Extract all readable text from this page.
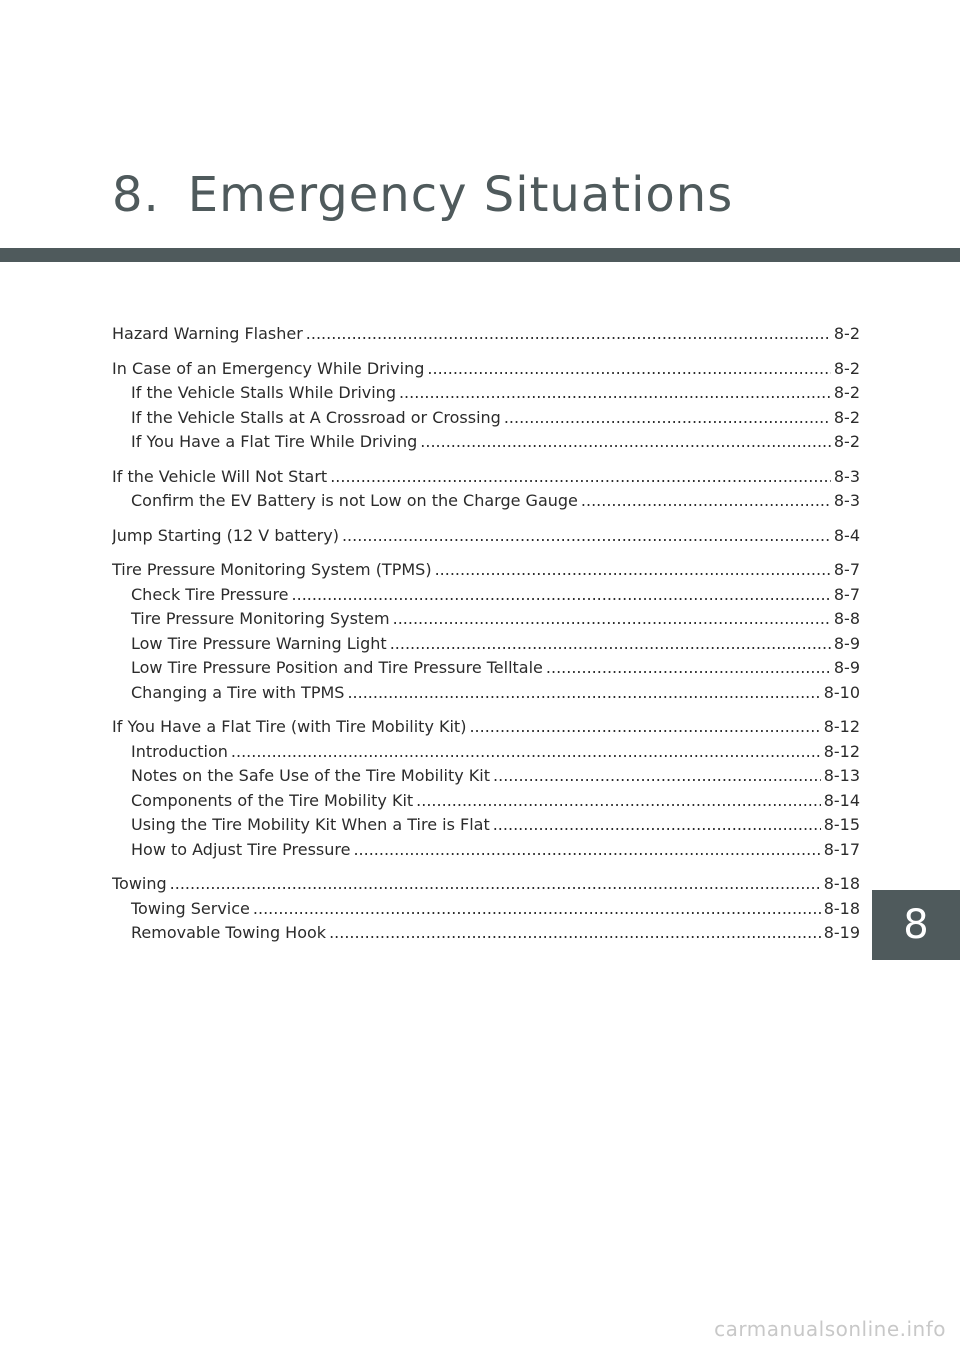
8. Emergency Situations
Hazard Warning Flasher .....	8-2
In Case of an Emergency While Driving .....	8-2
If the Vehicle Stalls While Driving .....	8-2
If the Vehicle Stalls at A Crossroad or Crossing .....	8-2
If You Have a Flat Tire While Driving .....	8-2
If the Vehicle Will Not Start .....	8-3
Confirm the EV Battery is not Low on the Charge Gauge .....	8-3
Jump Starting (12 V battery) .....	8-4
Tire Pressure Monitoring System (TPMS) .....	8-7
Check Tire Pressure .....	8-7
Tire Pressure Monitoring System .....	8-8
Low Tire Pressure Warning Light .....	8-9
Low Tire Pressure Position and Tire Pressure Telltale .....	8-9
Changing a Tire with TPMS .....	8-10
If You Have a Flat Tire (with Tire Mobility Kit) .....	8-12
Introduction .....	8-12
Notes on the Safe Use of the Tire Mobility Kit .....	8-13
Components of the Tire Mobility Kit .....	8-14
Using the Tire Mobility Kit When a Tire is Flat .....	8-15
How to Adjust Tire Pressure .....	8-17
Towing .....	8-18
Towing Service .....	8-18
Removable Towing Hook .....	8-19 8
carmanualsonline.info
